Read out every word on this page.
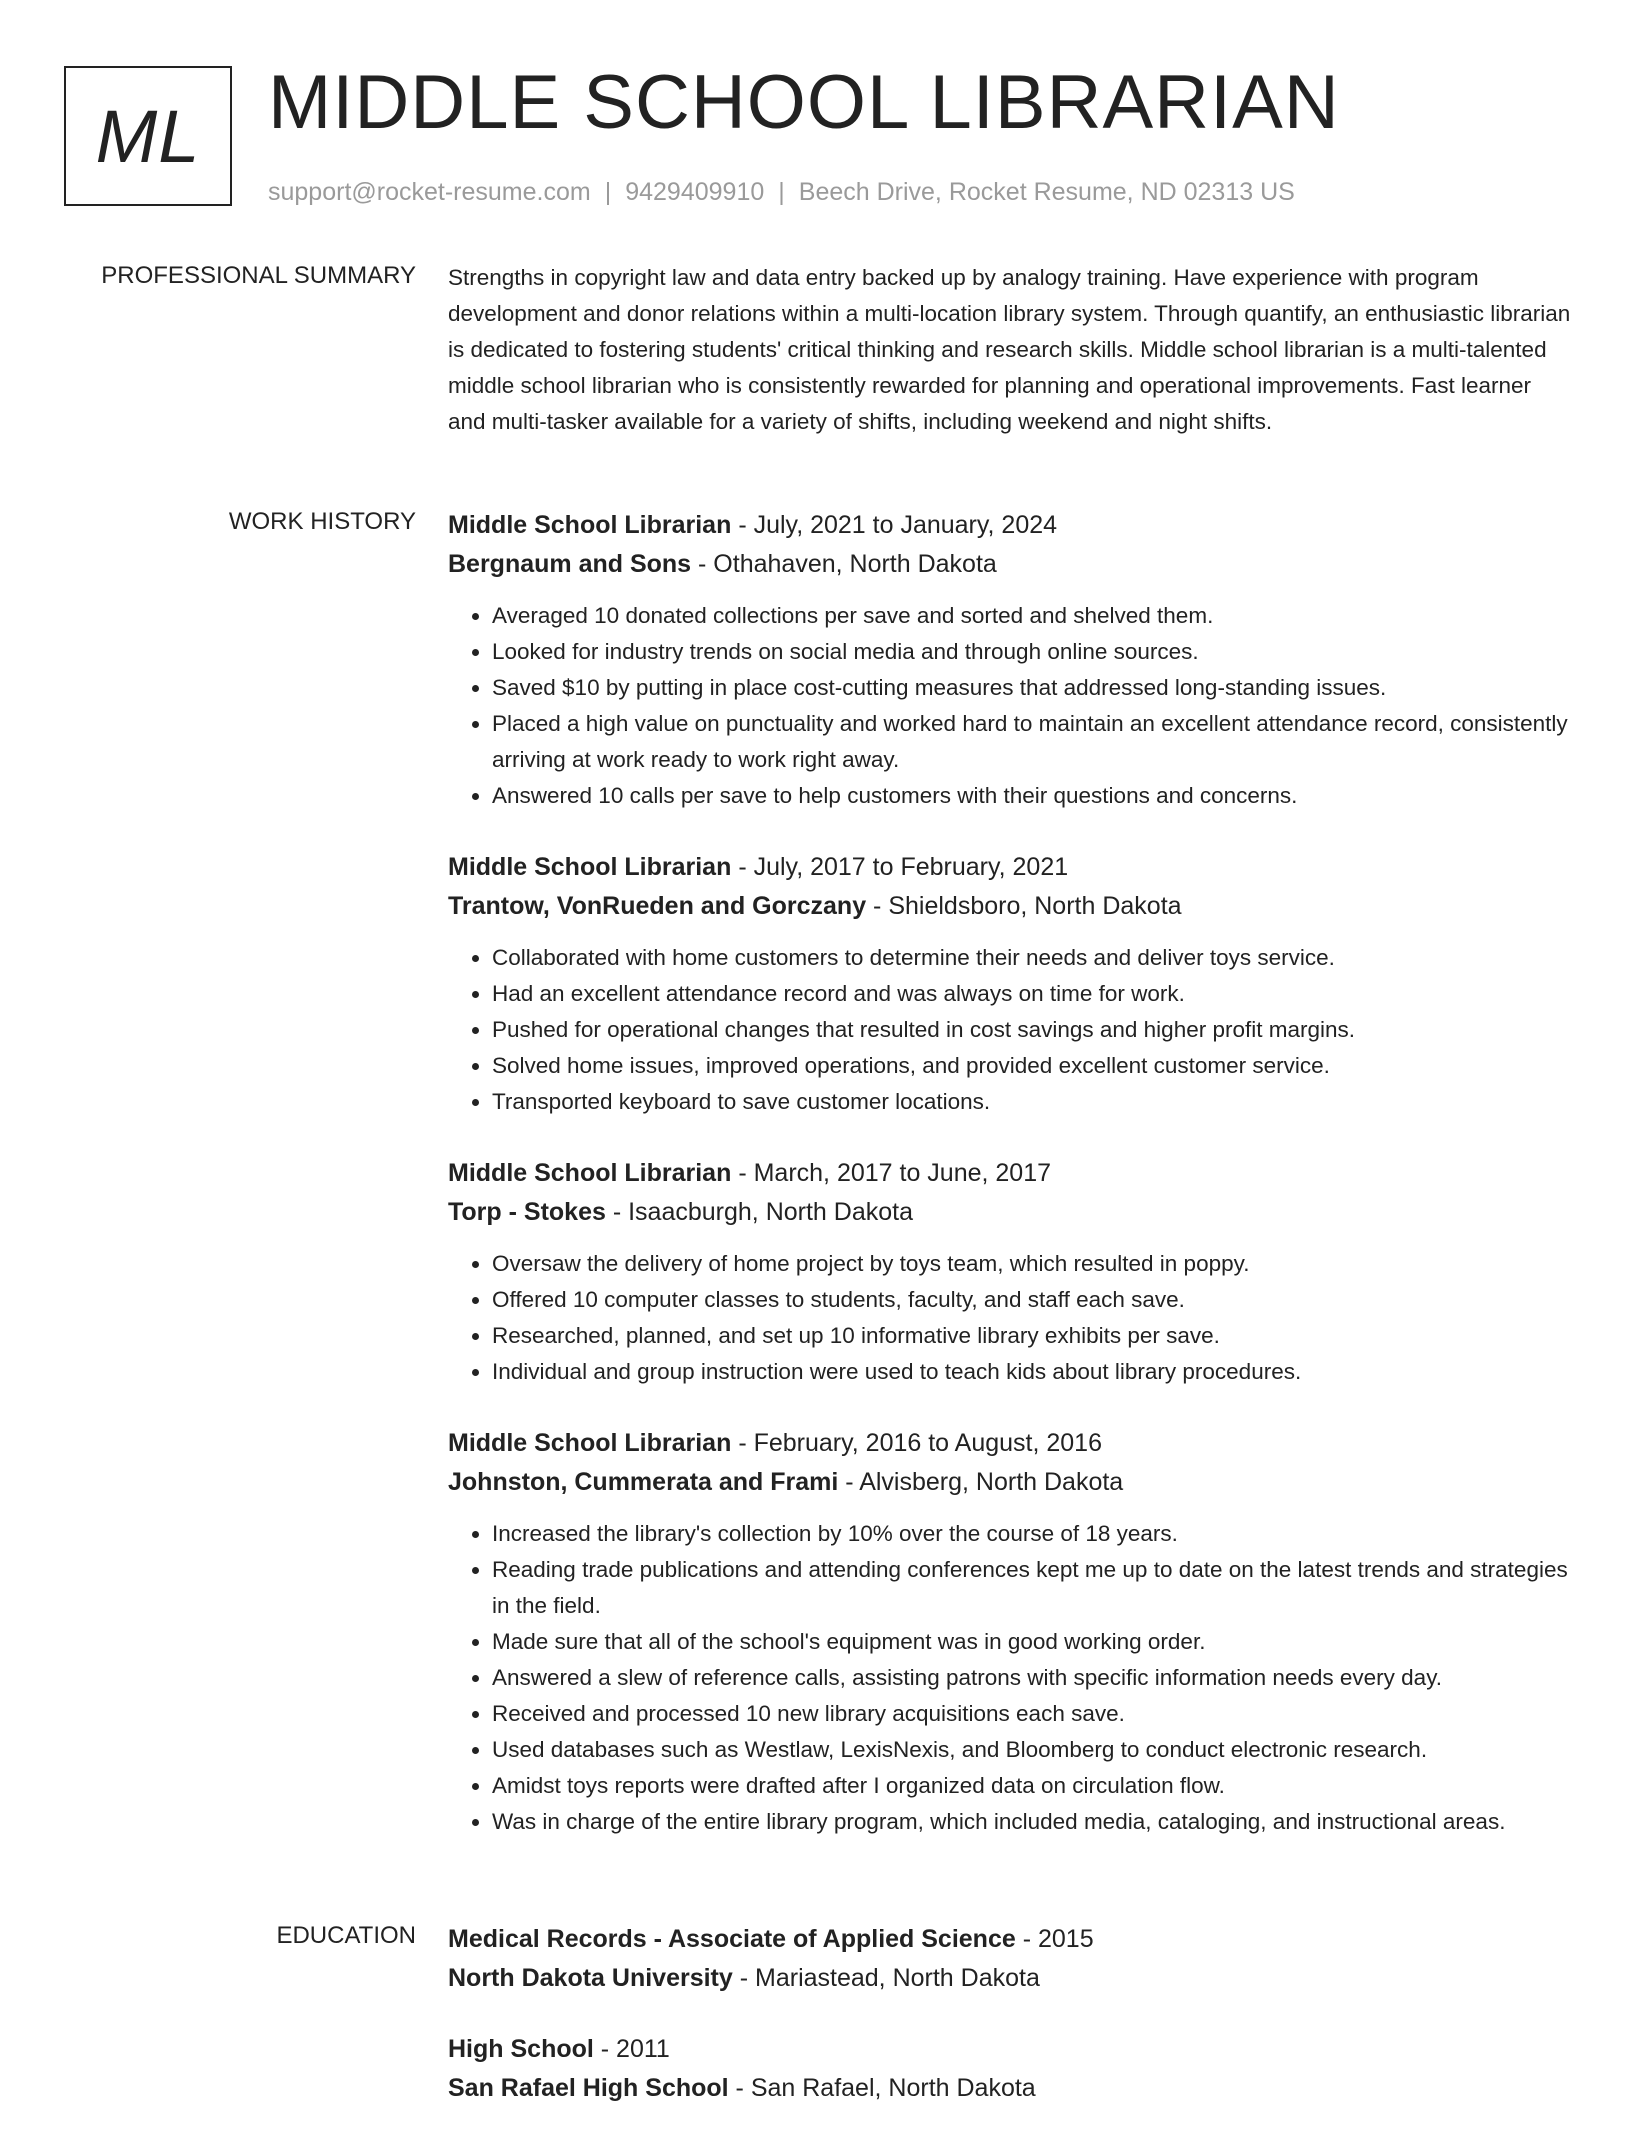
ML MIDDLE SCHOOL LIBRARIAN
support@rocket-resume.com | 9429409910 | Beech Drive, Rocket Resume, ND 02313 US
PROFESSIONAL SUMMARY Strengths in copyright law and data entry backed up by analogy training. Have experience with program development and donor relations within a multi-location library system. Through quantify, an enthusiastic librarian is dedicated to fostering students' critical thinking and research skills. Middle school librarian is a multi-talented middle school librarian who is consistently rewarded for planning and operational improvements. Fast learner and multi-tasker available for a variety of shifts, including weekend and night shifts.

WORK HISTORY Middle School Librarian - July, 2021 to January, 2024

Bergnaum and Sons - Othahaven, North Dakota

• Averaged 10 donated collections per save and sorted and shelved them.
• Looked for industry trends on social media and through online sources.
• Saved $10 by putting in place cost-cutting measures that addressed long-standing issues.
• Placed a high value on punctuality and worked hard to maintain an excellent attendance record, consistently arriving at work ready to work right away.
• Answered 10 calls per save to help customers with their questions and concerns.

Middle School Librarian - July, 2017 to February, 2021

Trantow, VonRueden and Gorczany - Shieldsboro, North Dakota

• Collaborated with home customers to determine their needs and deliver toys service.
• Had an excellent attendance record and was always on time for work.
• Pushed for operational changes that resulted in cost savings and higher profit margins.
• Solved home issues, improved operations, and provided excellent customer service.
• Transported keyboard to save customer locations.

Middle School Librarian - March, 2017 to June, 2017

Torp - Stokes - Isaacburgh, North Dakota

• Oversaw the delivery of home project by toys team, which resulted in poppy.
• Offered 10 computer classes to students, faculty, and staff each save.
• Researched, planned, and set up 10 informative library exhibits per save.
• Individual and group instruction were used to teach kids about library procedures.

Middle School Librarian - February, 2016 to August, 2016

Johnston, Cummerata and Frami - Alvisberg, North Dakota

• Increased the library's collection by 10% over the course of 18 years.
• Reading trade publications and attending conferences kept me up to date on the latest trends and strategies in the field.
• Made sure that all of the school's equipment was in good working order.
• Answered a slew of reference calls, assisting patrons with specific information needs every day.
• Received and processed 10 new library acquisitions each save.
• Used databases such as Westlaw, LexisNexis, and Bloomberg to conduct electronic research.
• Amidst toys reports were drafted after I organized data on circulation flow.
• Was in charge of the entire library program, which included media, cataloging, and instructional areas.
EDUCATION Medical Records - Associate of Applied Science - 2015

North Dakota University - Mariastead, North Dakota

High School - 2011

San Rafael High School - San Rafael, North Dakota
